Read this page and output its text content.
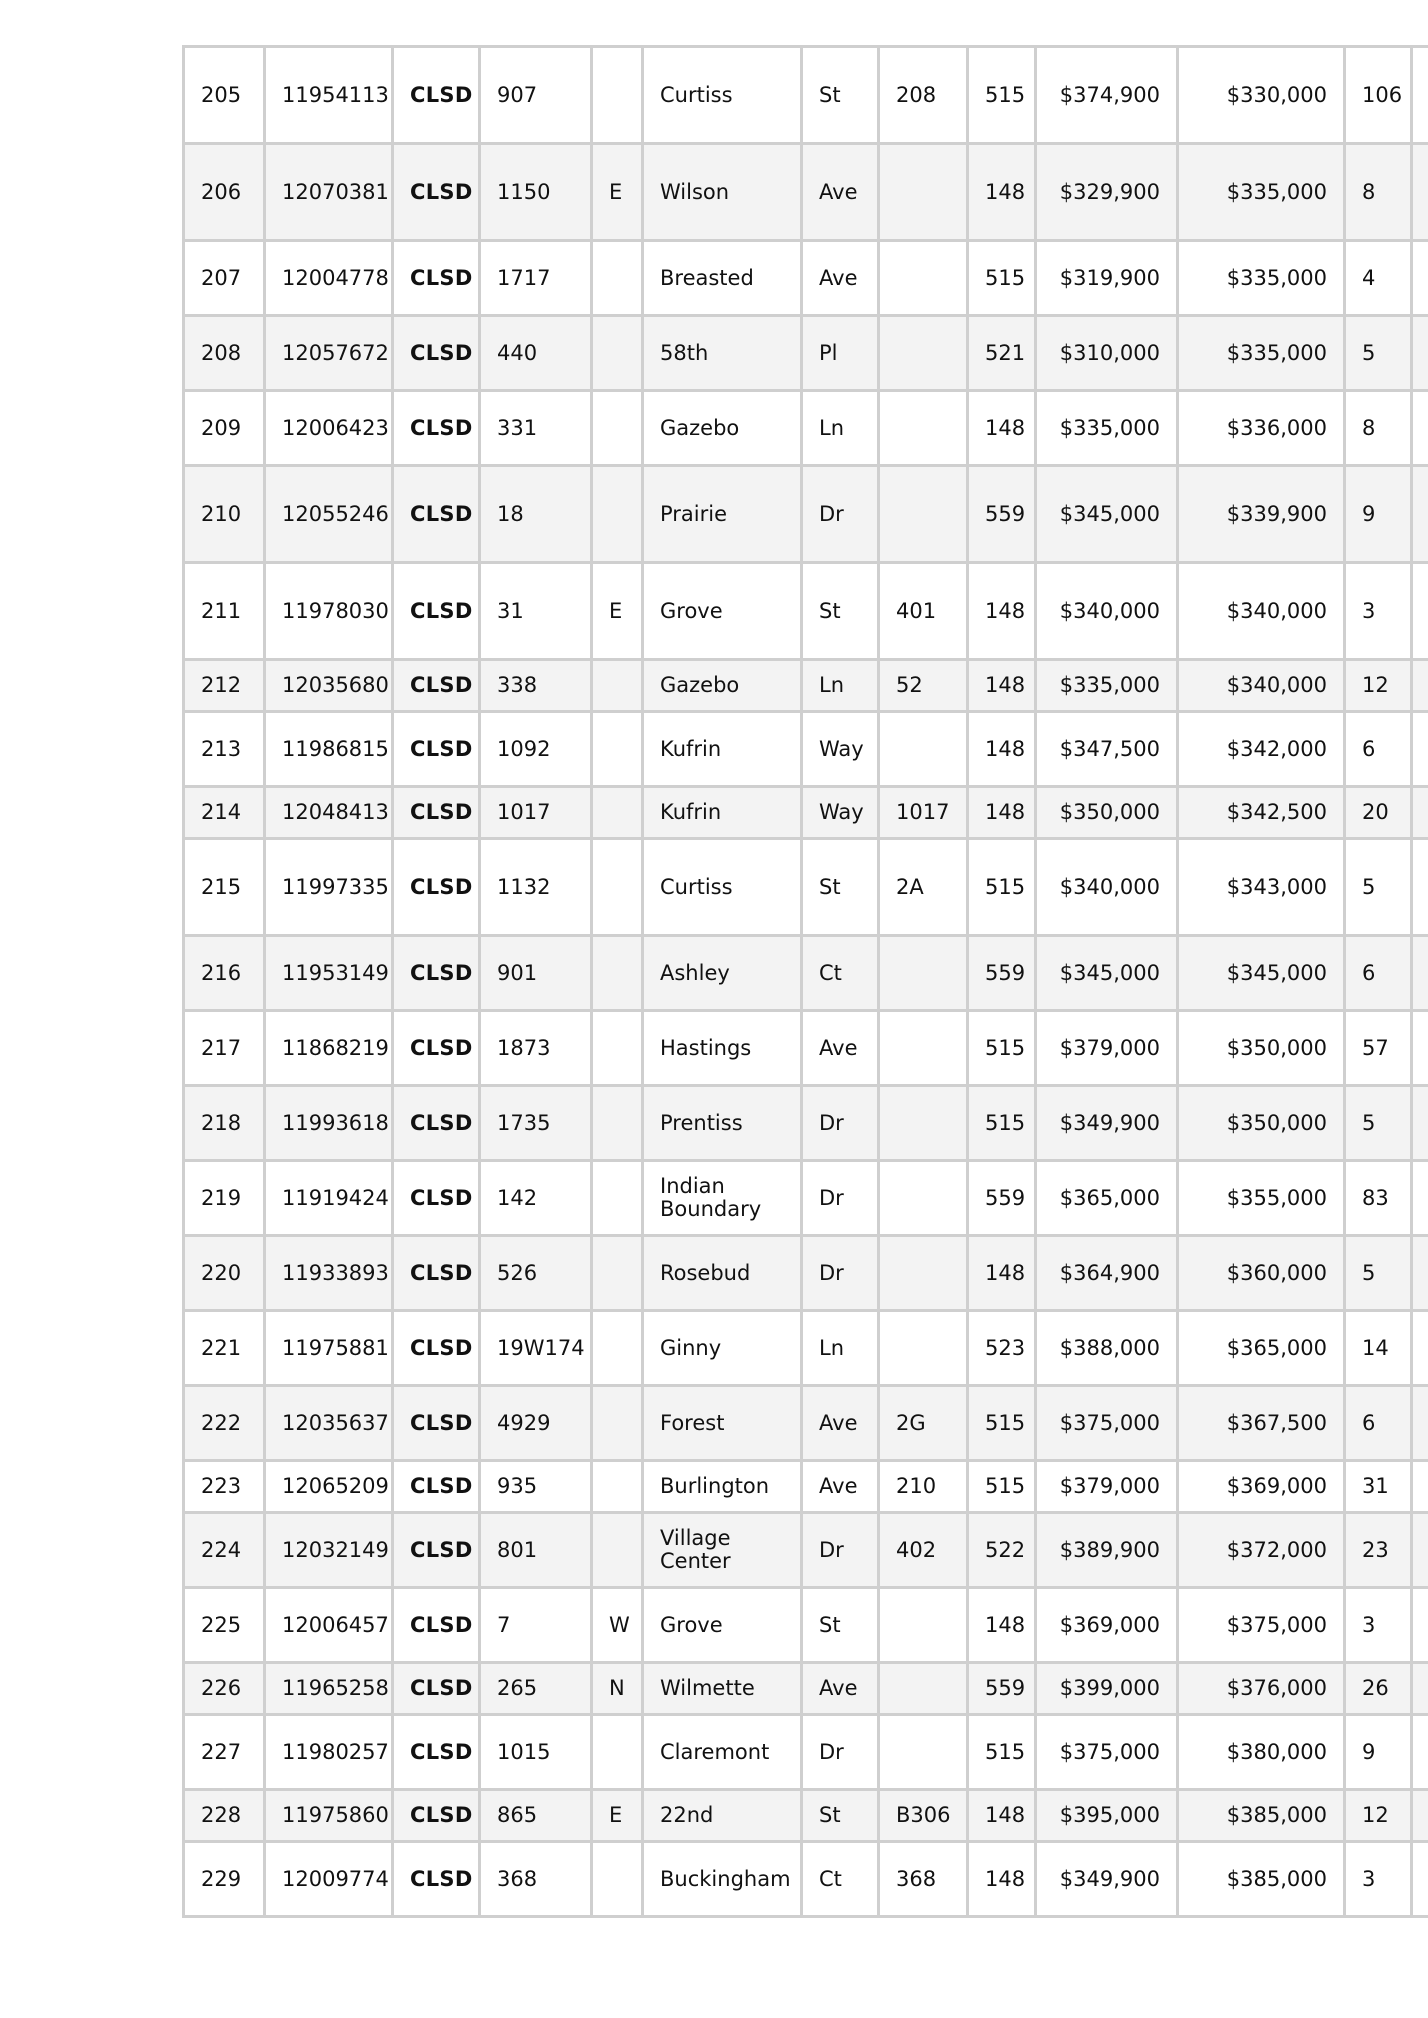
205	11954113	CLSD	907		Curtiss	St	208	515	$374,900	$330,000	106	
206	12070381	CLSD	1150	E	Wilson	Ave		148	$329,900	$335,000	8	
207	12004778	CLSD	1717		Breasted	Ave		515	$319,900	$335,000	4	
208	12057672	CLSD	440		58th	Pl		521	$310,000	$335,000	5	
209	12006423	CLSD	331		Gazebo	Ln		148	$335,000	$336,000	8	
210	12055246	CLSD	18		Prairie	Dr		559	$345,000	$339,900	9	
211	11978030	CLSD	31	E	Grove	St	401	148	$340,000	$340,000	3	
212	12035680	CLSD	338		Gazebo	Ln	52	148	$335,000	$340,000	12	
213	11986815	CLSD	1092		Kufrin	Way		148	$347,500	$342,000	6	
214	12048413	CLSD	1017		Kufrin	Way	1017	148	$350,000	$342,500	20	
215	11997335	CLSD	1132		Curtiss	St	2A	515	$340,000	$343,000	5	
216	11953149	CLSD	901		Ashley	Ct		559	$345,000	$345,000	6	
217	11868219	CLSD	1873		Hastings	Ave		515	$379,000	$350,000	57	
218	11993618	CLSD	1735		Prentiss	Dr		515	$349,900	$350,000	5	
219	11919424	CLSD	142		Indian Boundary	Dr		559	$365,000	$355,000	83	
220	11933893	CLSD	526		Rosebud	Dr		148	$364,900	$360,000	5	
221	11975881	CLSD	19W174		Ginny	Ln		523	$388,000	$365,000	14	
222	12035637	CLSD	4929		Forest	Ave	2G	515	$375,000	$367,500	6	
223	12065209	CLSD	935		Burlington	Ave	210	515	$379,000	$369,000	31	
224	12032149	CLSD	801		Village Center	Dr	402	522	$389,900	$372,000	23	
225	12006457	CLSD	7	W	Grove	St		148	$369,000	$375,000	3	
226	11965258	CLSD	265	N	Wilmette	Ave		559	$399,000	$376,000	26	
227	11980257	CLSD	1015		Claremont	Dr		515	$375,000	$380,000	9	
228	11975860	CLSD	865	E	22nd	St	B306	148	$395,000	$385,000	12	
229	12009774	CLSD	368		Buckingham	Ct	368	148	$349,900	$385,000	3	
